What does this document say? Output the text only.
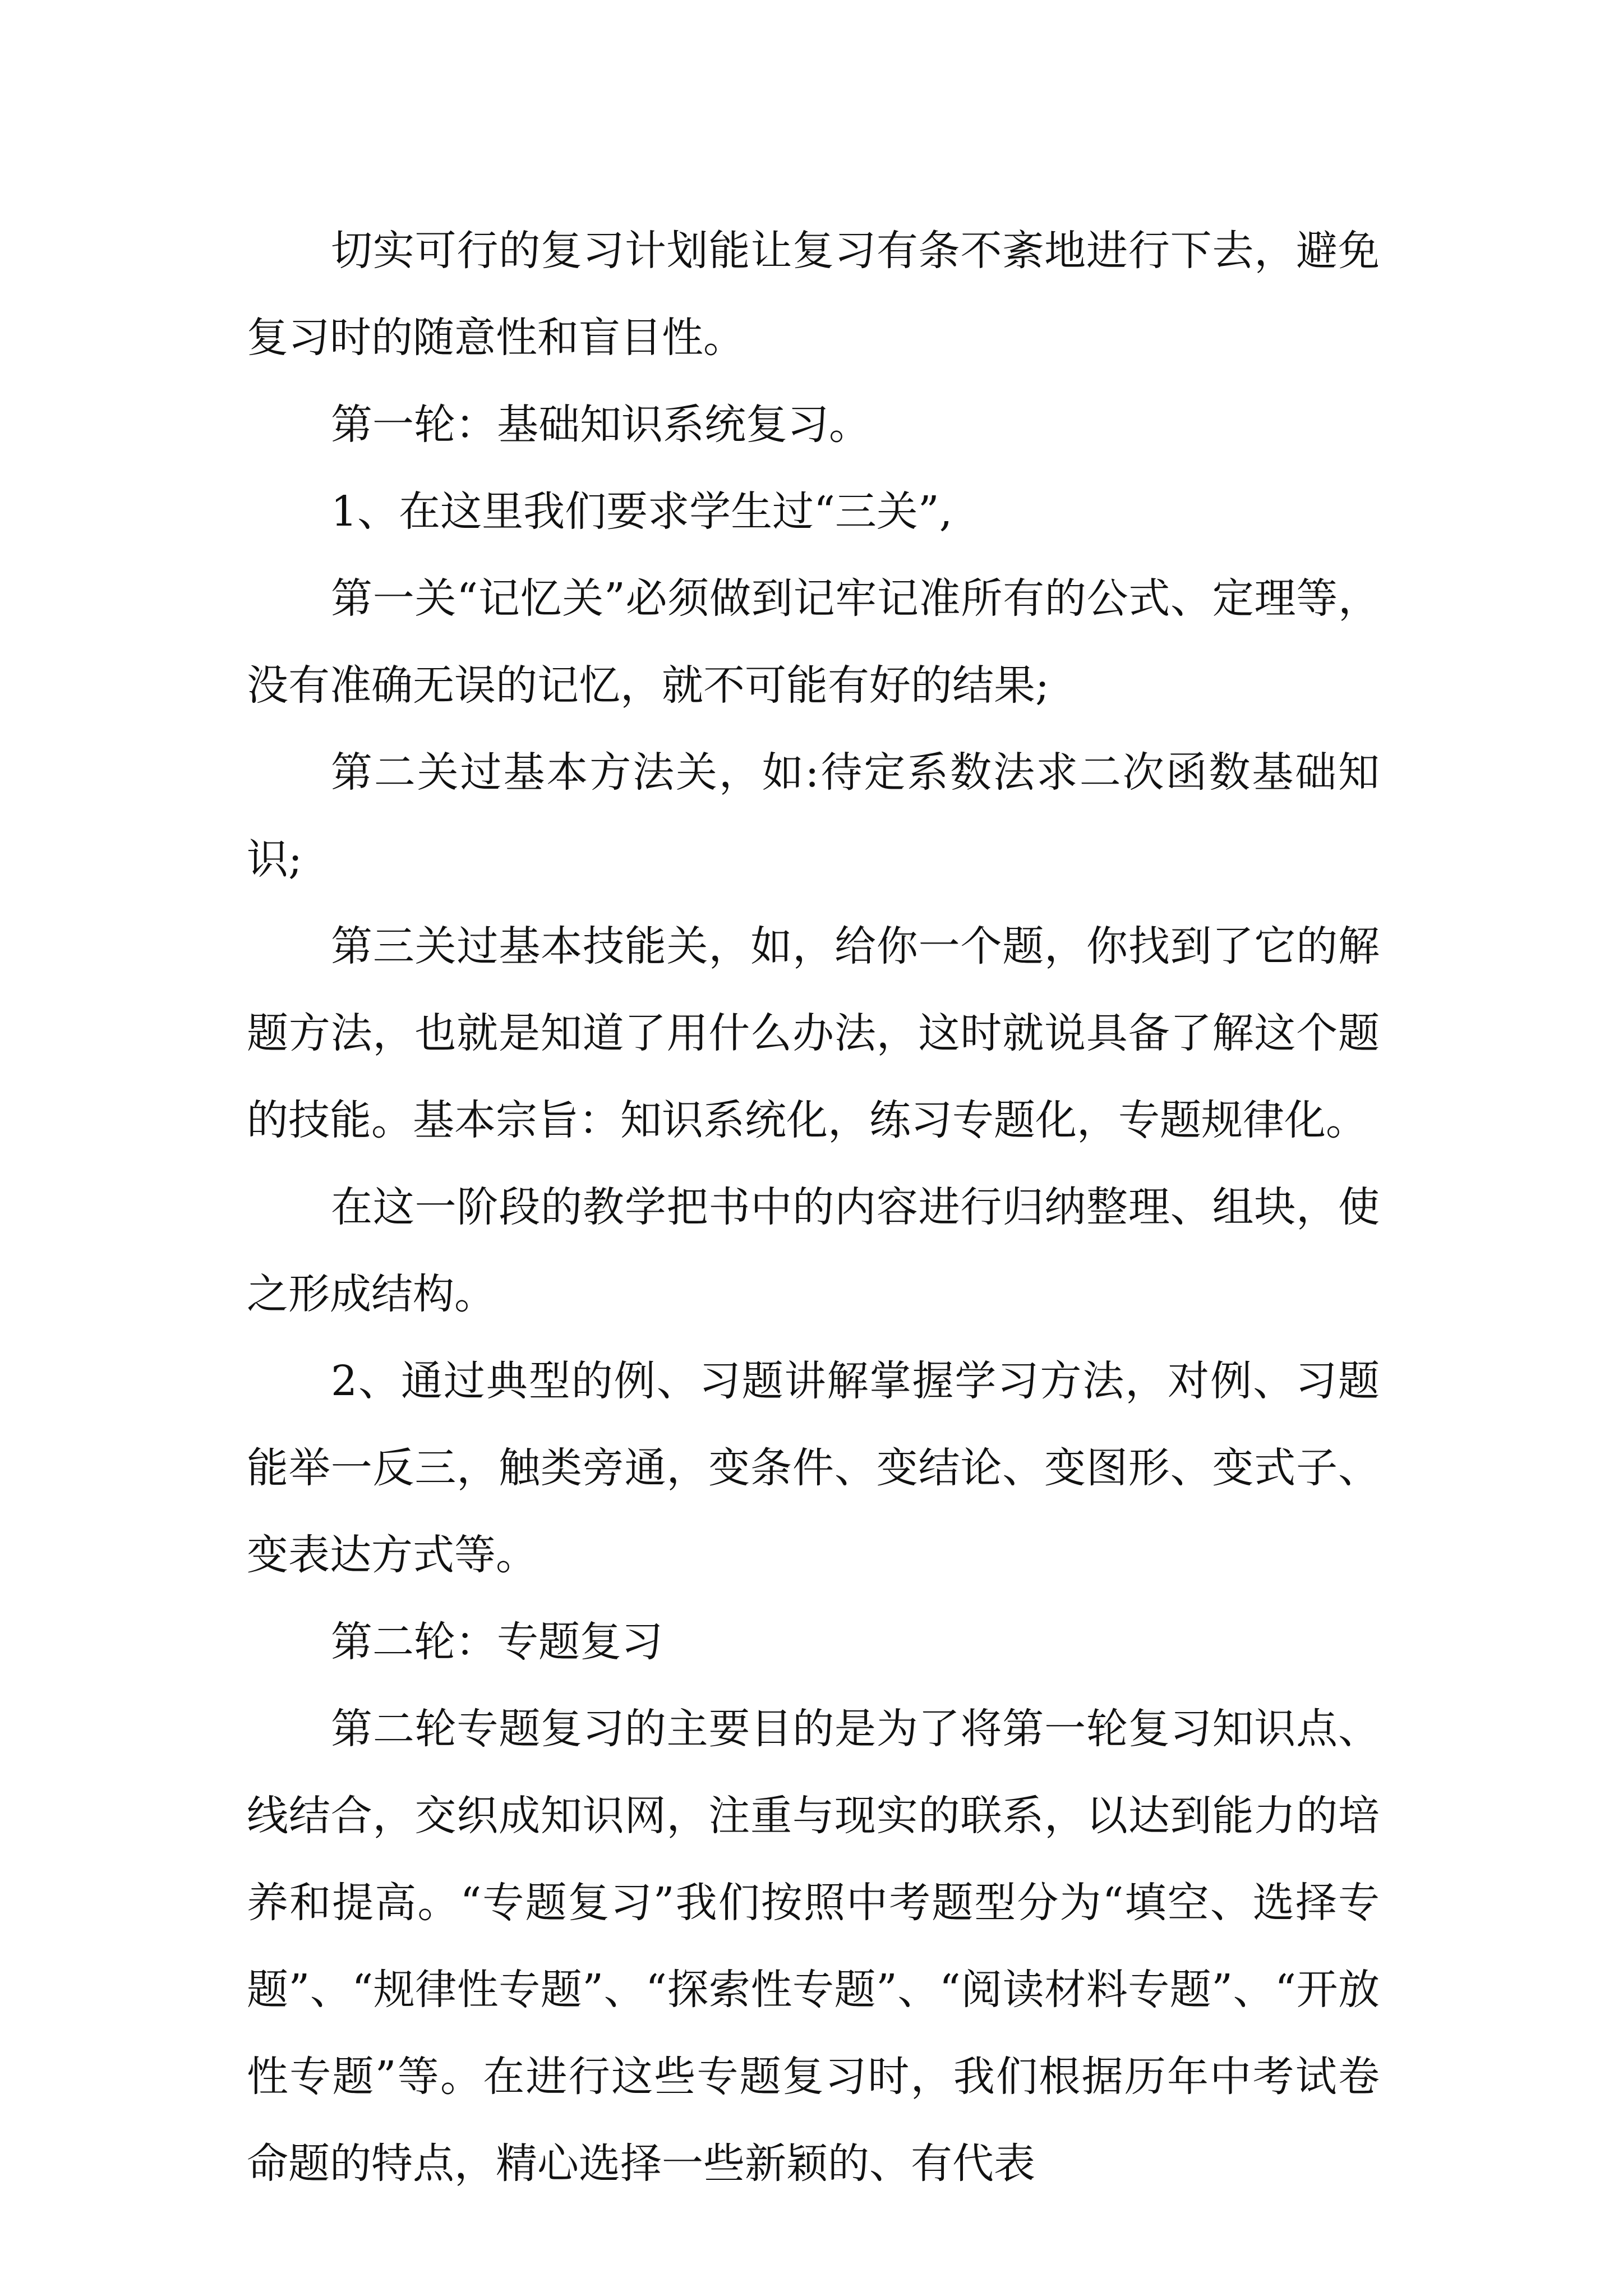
切实可行的复习计划能让复习有条不紊地进行下去，避免复习时的随意性和盲目性。

第一轮：基础知识系统复习。

1、在这里我们要求学生过“三关”,

第一关“记忆关”必须做到记牢记准所有的公式、定理等，没有准确无误的记忆，就不可能有好的结果;

第二关过基本方法关，如:待定系数法求二次函数基础知识;

第三关过基本技能关，如，给你一个题，你找到了它的解题方法，也就是知道了用什么办法，这时就说具备了解这个题的技能。基本宗旨：知识系统化，练习专题化，专题规律化。

在这一阶段的教学把书中的内容进行归纳整理、组块，使之形成结构。

2、通过典型的例、习题讲解掌握学习方法，对例、习题能举一反三，触类旁通，变条件、变结论、变图形、变式子、变表达方式等。

第二轮：专题复习

第二轮专题复习的主要目的是为了将第一轮复习知识点、线结合，交织成知识网，注重与现实的联系，以达到能力的培养和提高。“专题复习”我们按照中考题型分为“填空、选择专题”、“规律性专题”、“探索性专题”、“阅读材料专题”、“开放性专题”等。在进行这些专题复习时，我们根据历年中考试卷命题的特点，精心选择一些新颖的、有代表
